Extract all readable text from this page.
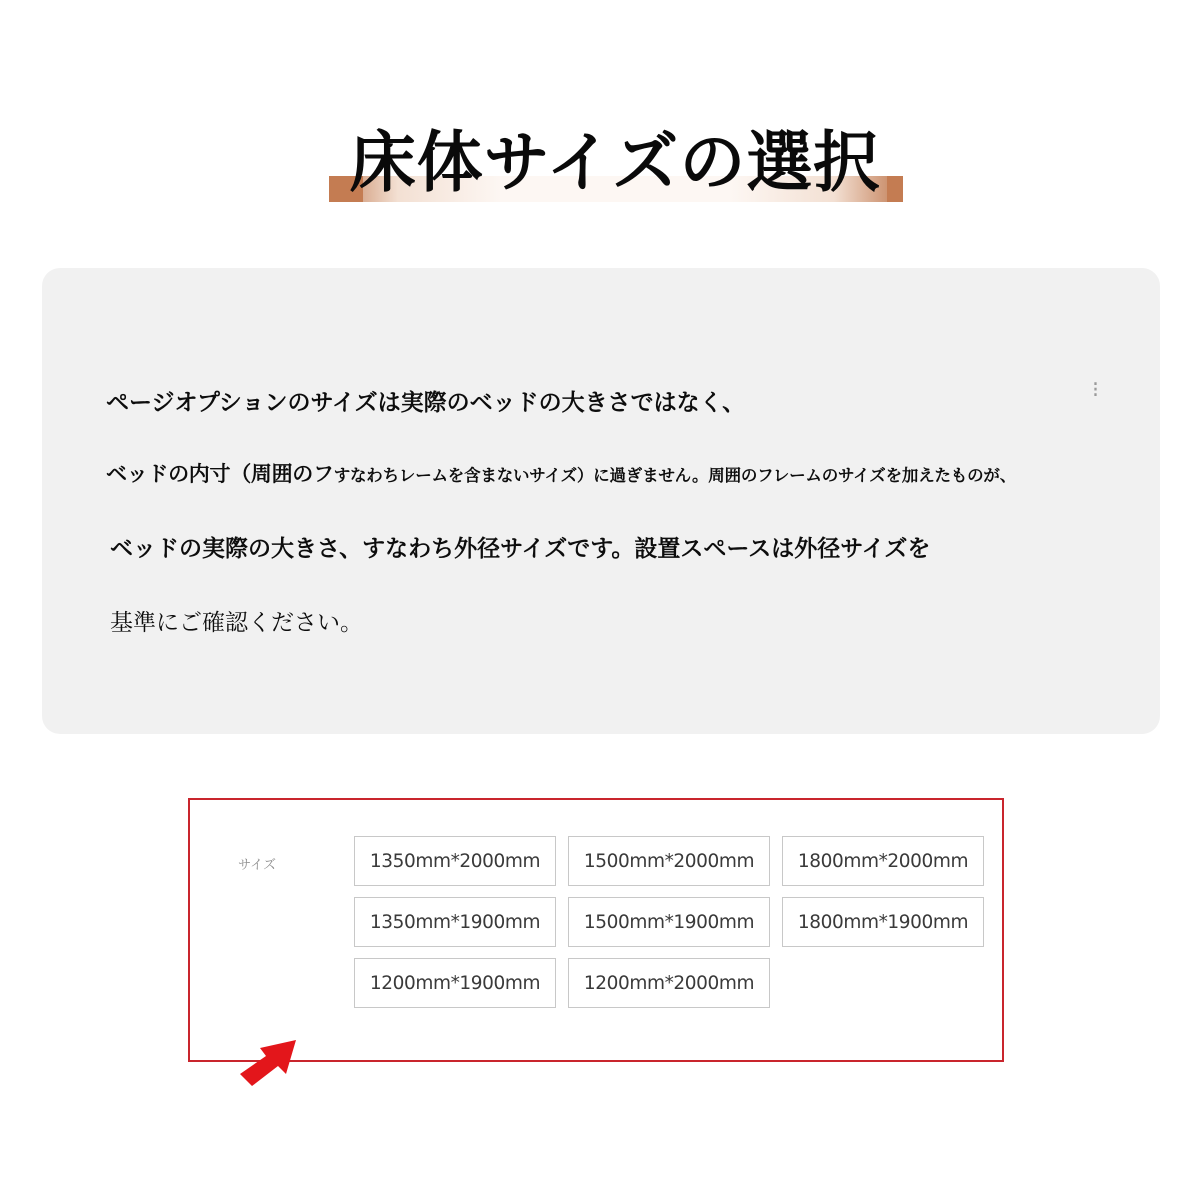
床体サイズの選択

ページオプションのサイズは実際のベッドの大きさではなく、

ベッドの内寸（周囲のフすなわちレームを含まないサイズ）に過ぎません。周囲のフレームのサイズを加えたものが、

ベッドの実際の大きさ、すなわち外径サイズです。設置スペースは外径サイズを

基準にご確認ください。

⁝

サイズ	1350mm*2000mm	1500mm*2000mm	1800mm*2000mm
1350mm*1900mm	1500mm*1900mm	1800mm*1900mm
1200mm*1900mm	1200mm*2000mm
